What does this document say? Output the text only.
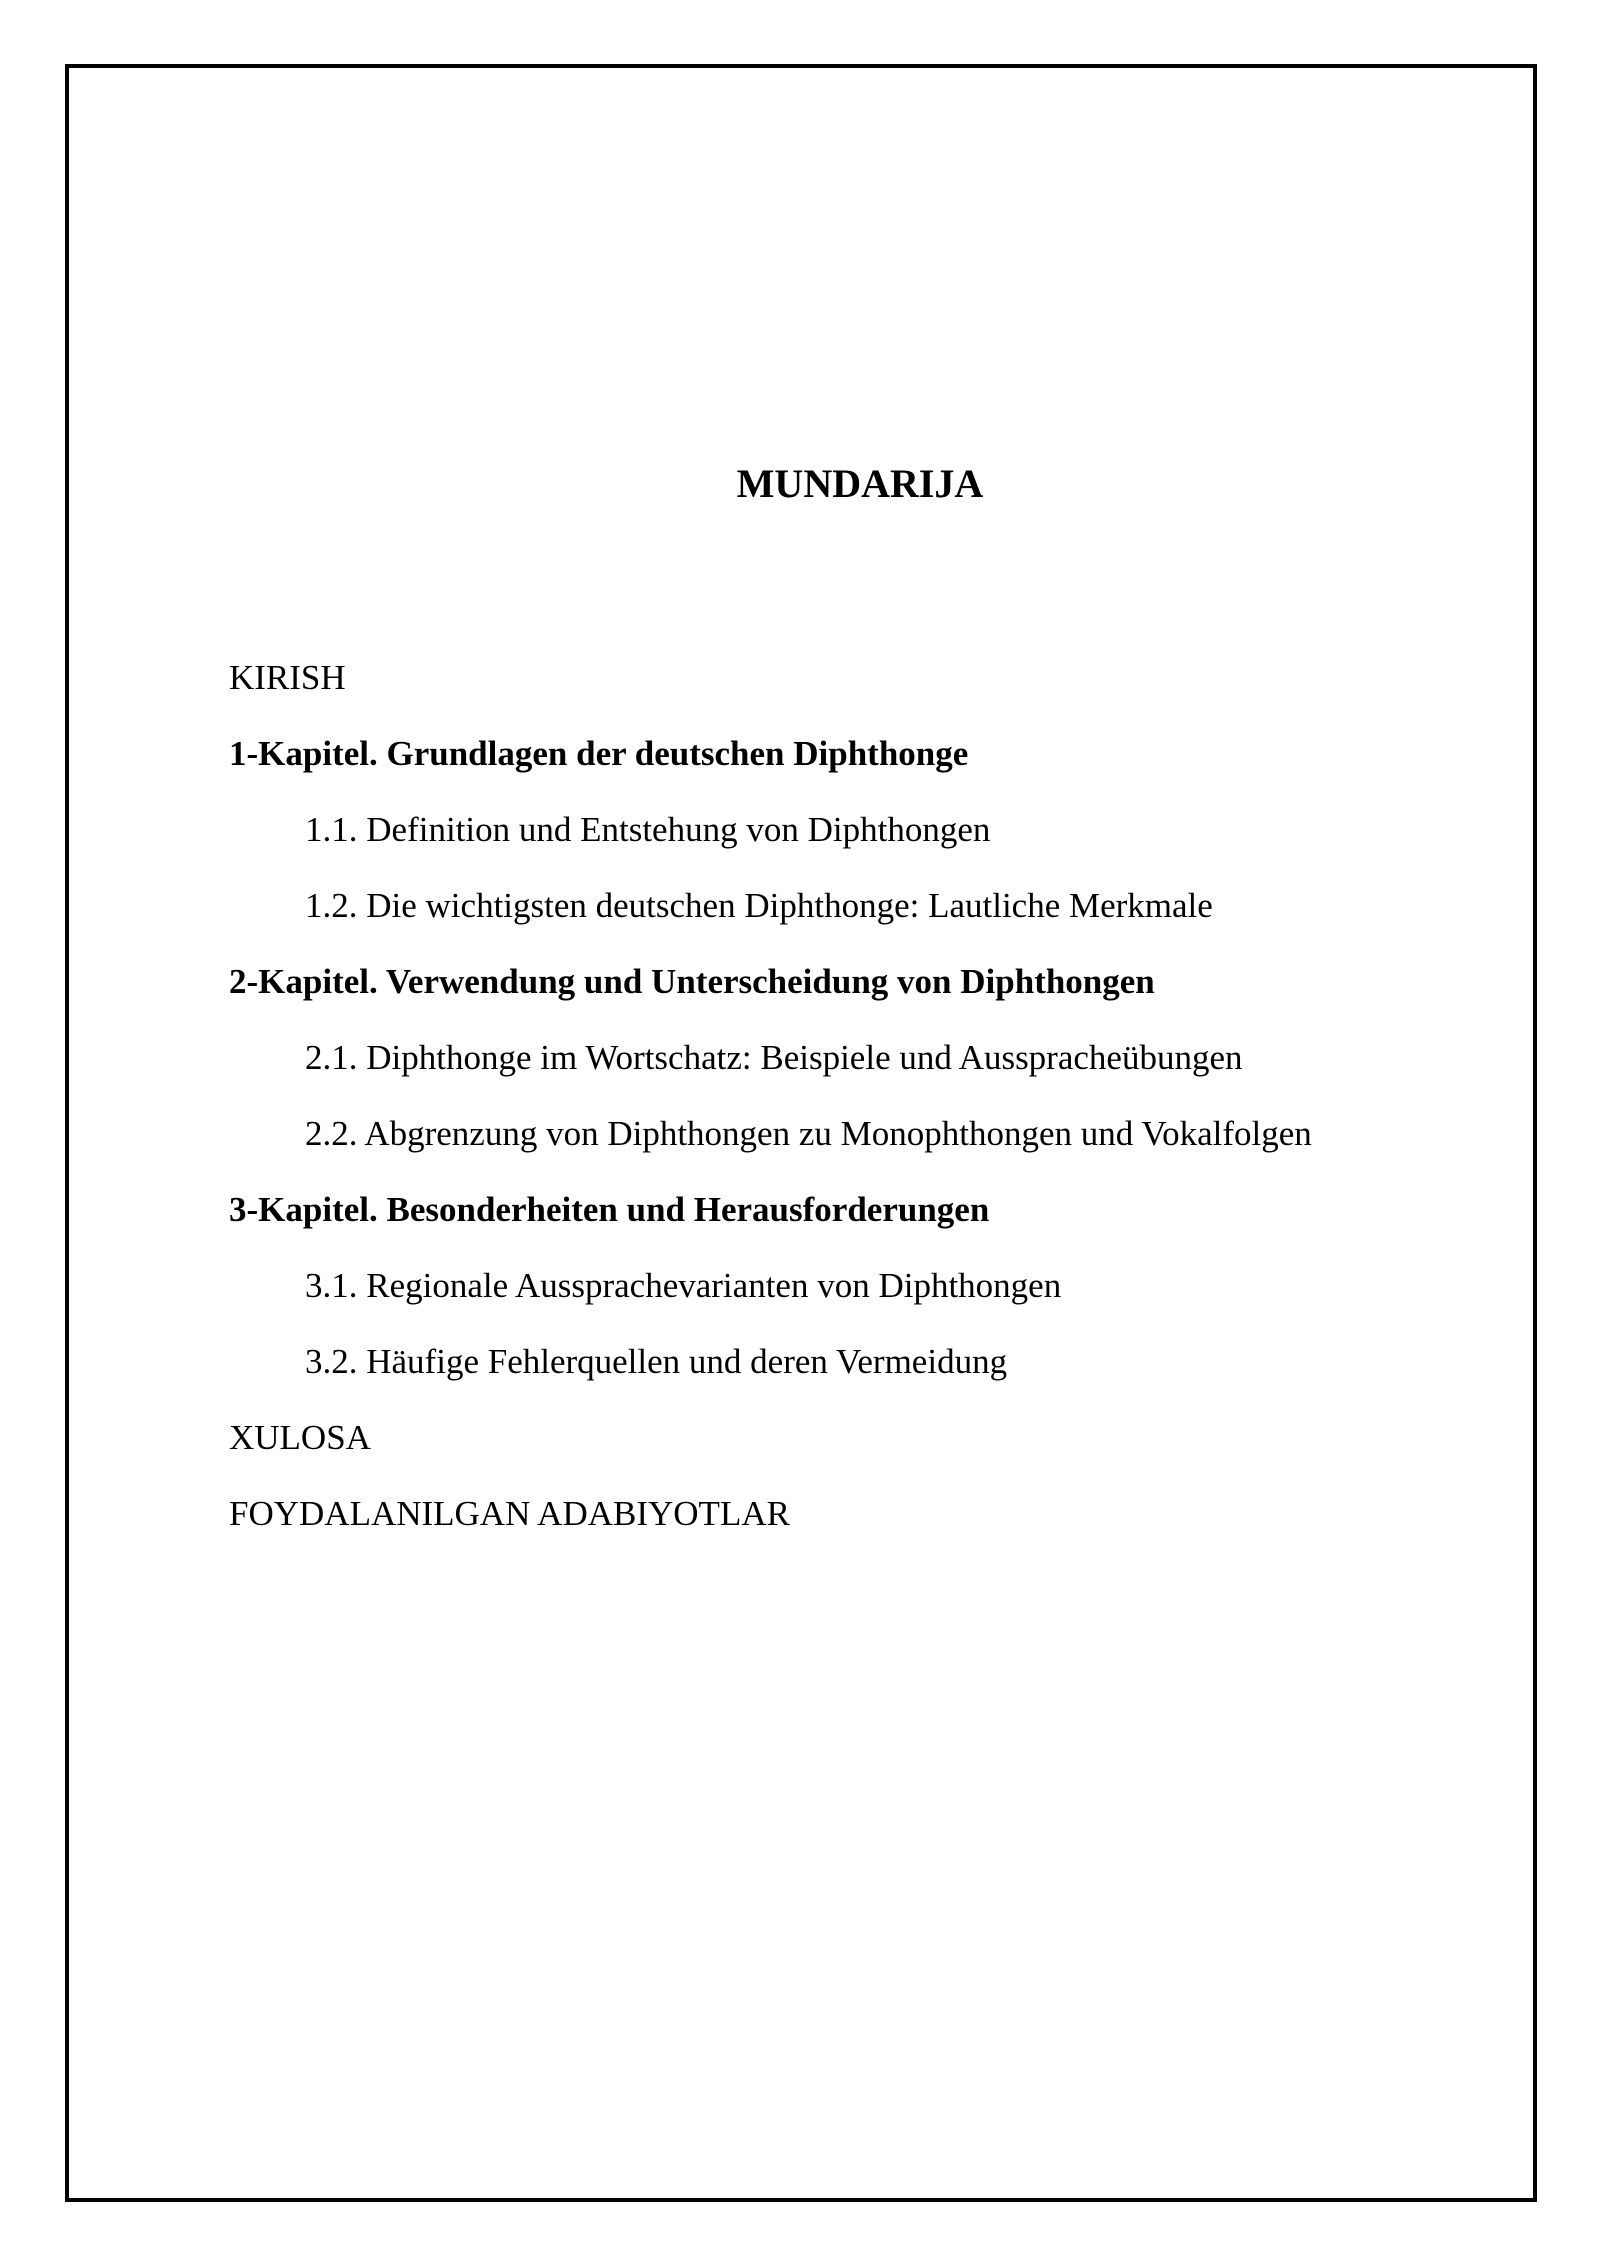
MUNDARIJA
KIRISH
1-Kapitel. Grundlagen der deutschen Diphthonge
1.1. Definition und Entstehung von Diphthongen
1.2. Die wichtigsten deutschen Diphthonge: Lautliche Merkmale
2-Kapitel. Verwendung und Unterscheidung von Diphthongen
2.1. Diphthonge im Wortschatz: Beispiele und Ausspracheübungen
2.2. Abgrenzung von Diphthongen zu Monophthongen und Vokalfolgen
3-Kapitel. Besonderheiten und Herausforderungen
3.1. Regionale Aussprachevarianten von Diphthongen
3.2. Häufige Fehlerquellen und deren Vermeidung
XULOSA
FOYDALANILGAN ADABIYOTLAR
